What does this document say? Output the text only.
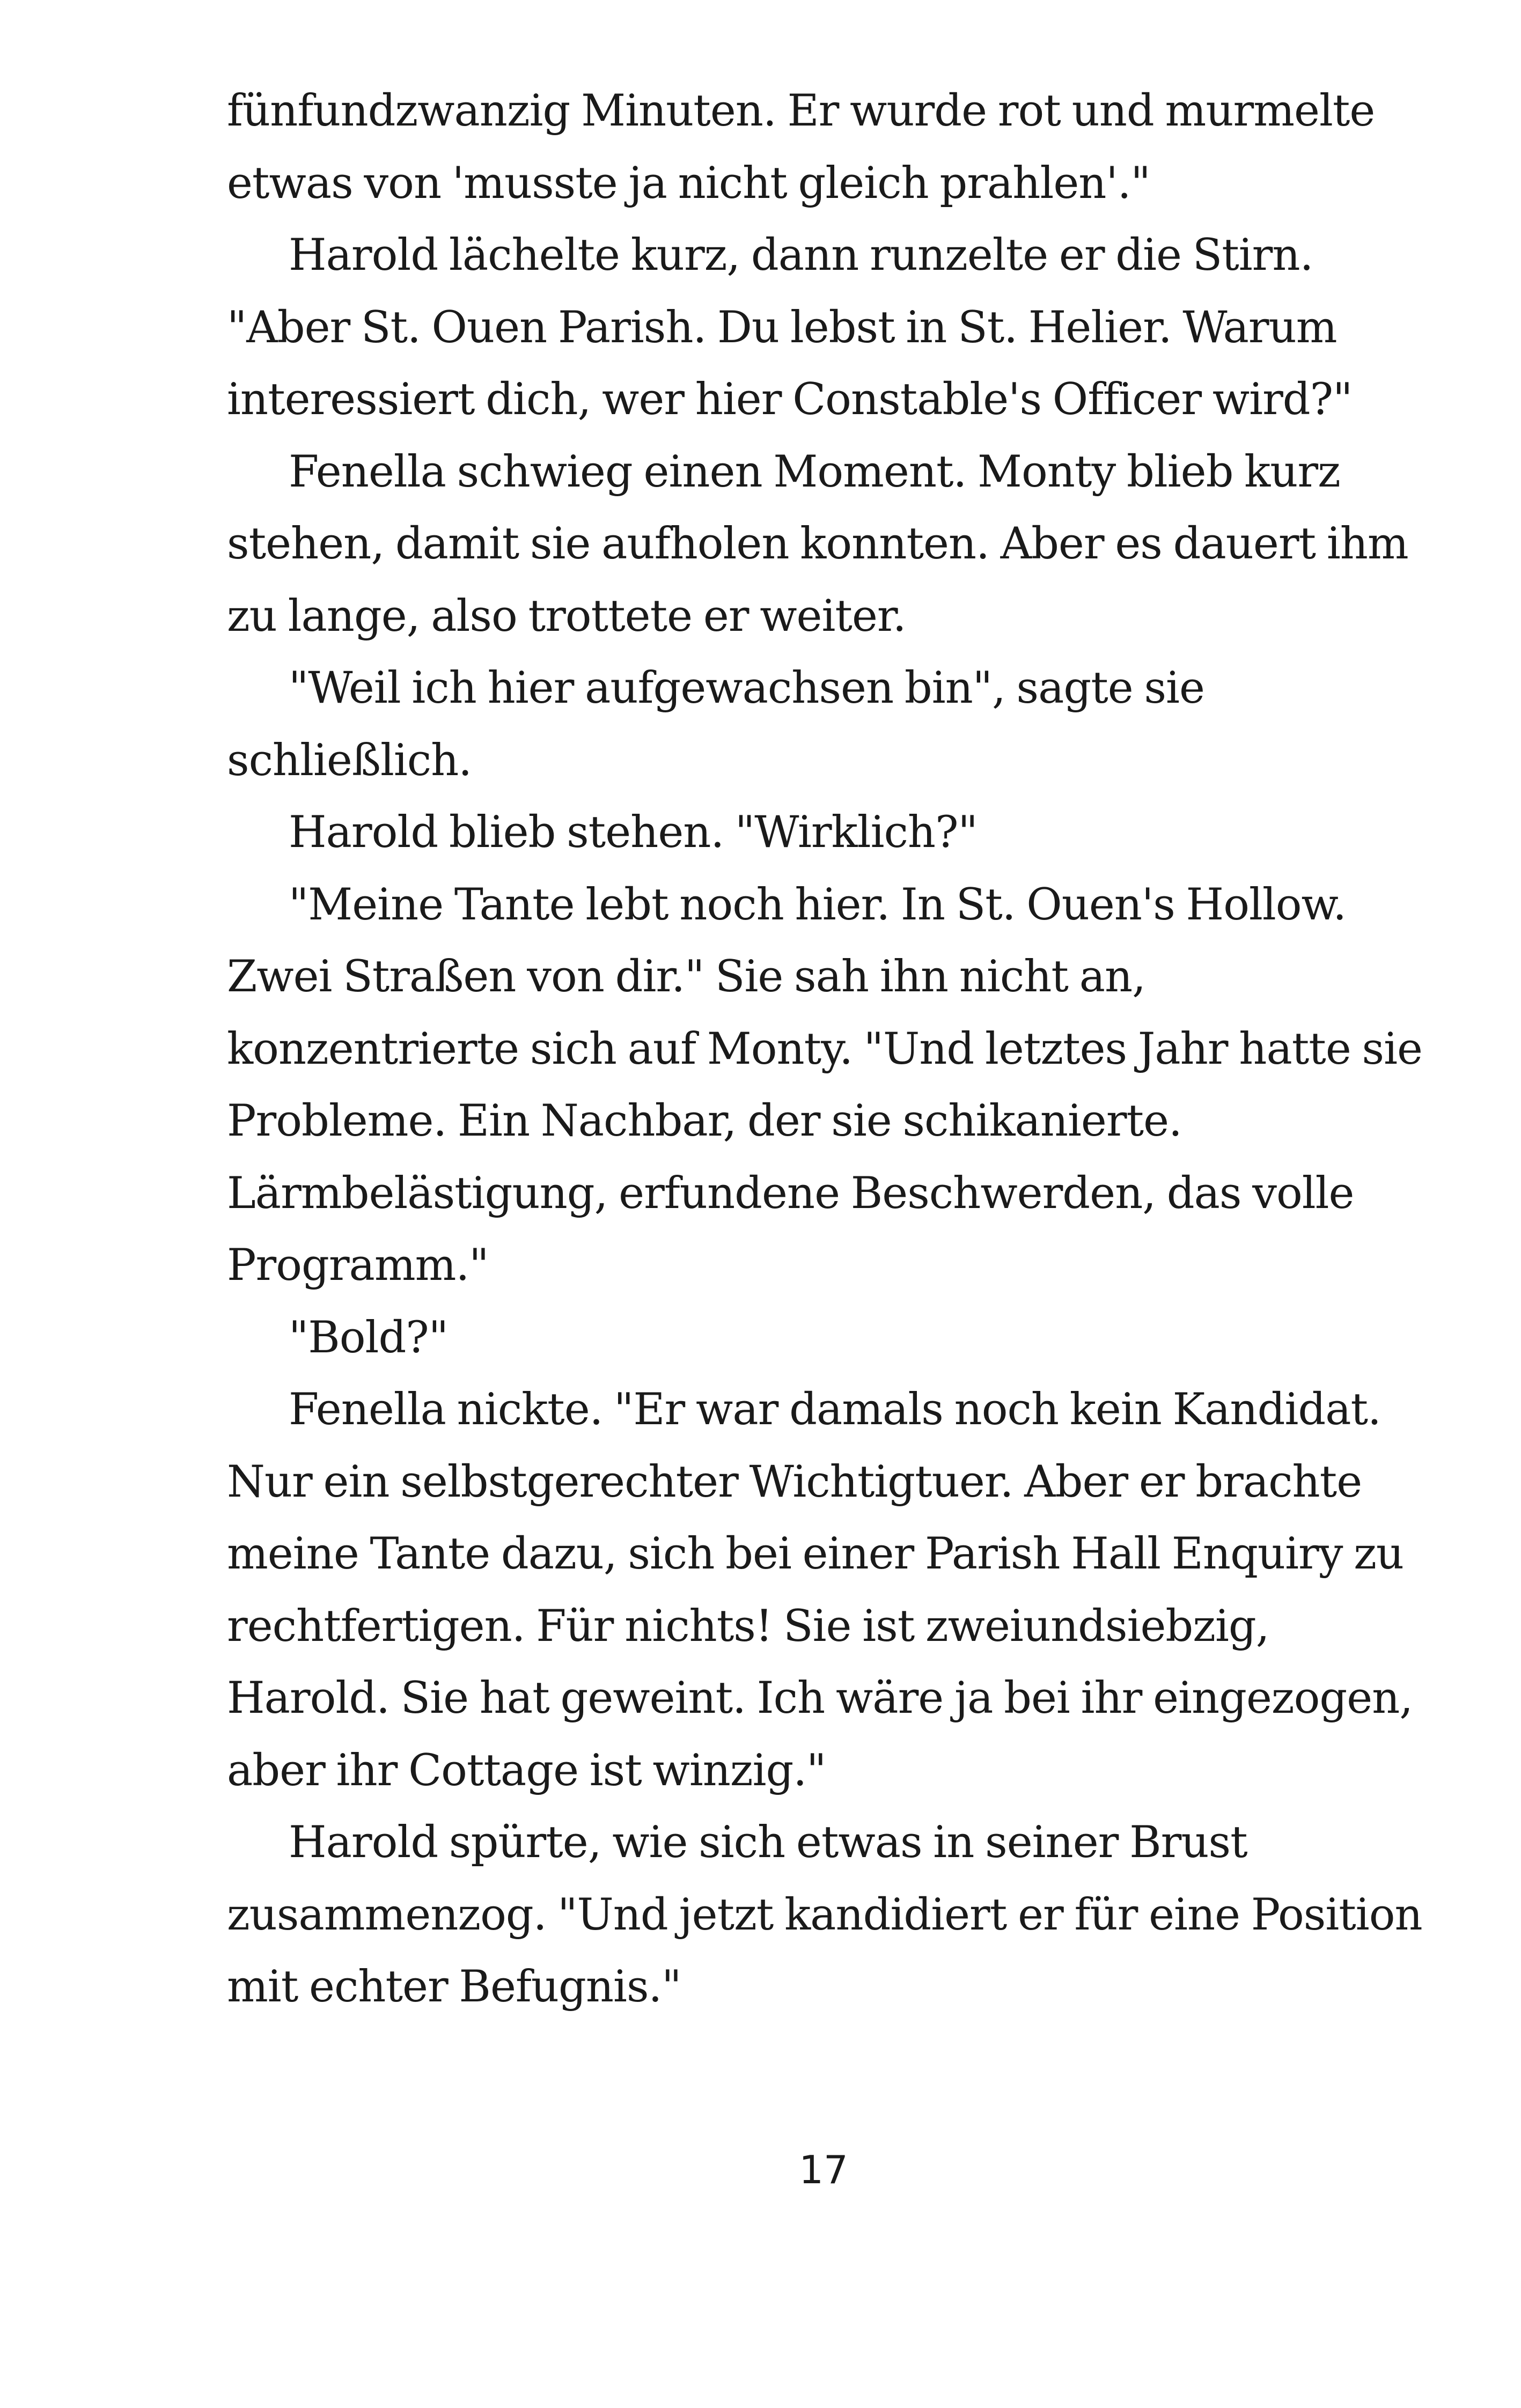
fünfundzwanzig Minuten. Er wurde rot und murmelte etwas von 'musste ja nicht gleich prahlen'."

Harold lächelte kurz, dann runzelte er die Stirn. "Aber St. Ouen Parish. Du lebst in St. Helier. Warum interessiert dich, wer hier Constable's Officer wird?"

Fenella schwieg einen Moment. Monty blieb kurz stehen, damit sie aufholen konnten. Aber es dauert ihm zu lange, also trottete er weiter.

"Weil ich hier aufgewachsen bin", sagte sie schließlich.

Harold blieb stehen. "Wirklich?"

"Meine Tante lebt noch hier. In St. Ouen's Hollow. Zwei Straßen von dir." Sie sah ihn nicht an, konzentrierte sich auf Monty. "Und letztes Jahr hatte sie Probleme. Ein Nachbar, der sie schikanierte. Lärmbelästigung, erfundene Beschwerden, das volle Programm."

"Bold?"

Fenella nickte. "Er war damals noch kein Kandidat. Nur ein selbstgerechter Wichtigtuer. Aber er brachte meine Tante dazu, sich bei einer Parish Hall Enquiry zu rechtfertigen. Für nichts! Sie ist zweiundsiebzig, Harold. Sie hat geweint. Ich wäre ja bei ihr eingezogen, aber ihr Cottage ist winzig."

Harold spürte, wie sich etwas in seiner Brust zusammenzog. "Und jetzt kandidiert er für eine Position mit echter Befugnis."

17
